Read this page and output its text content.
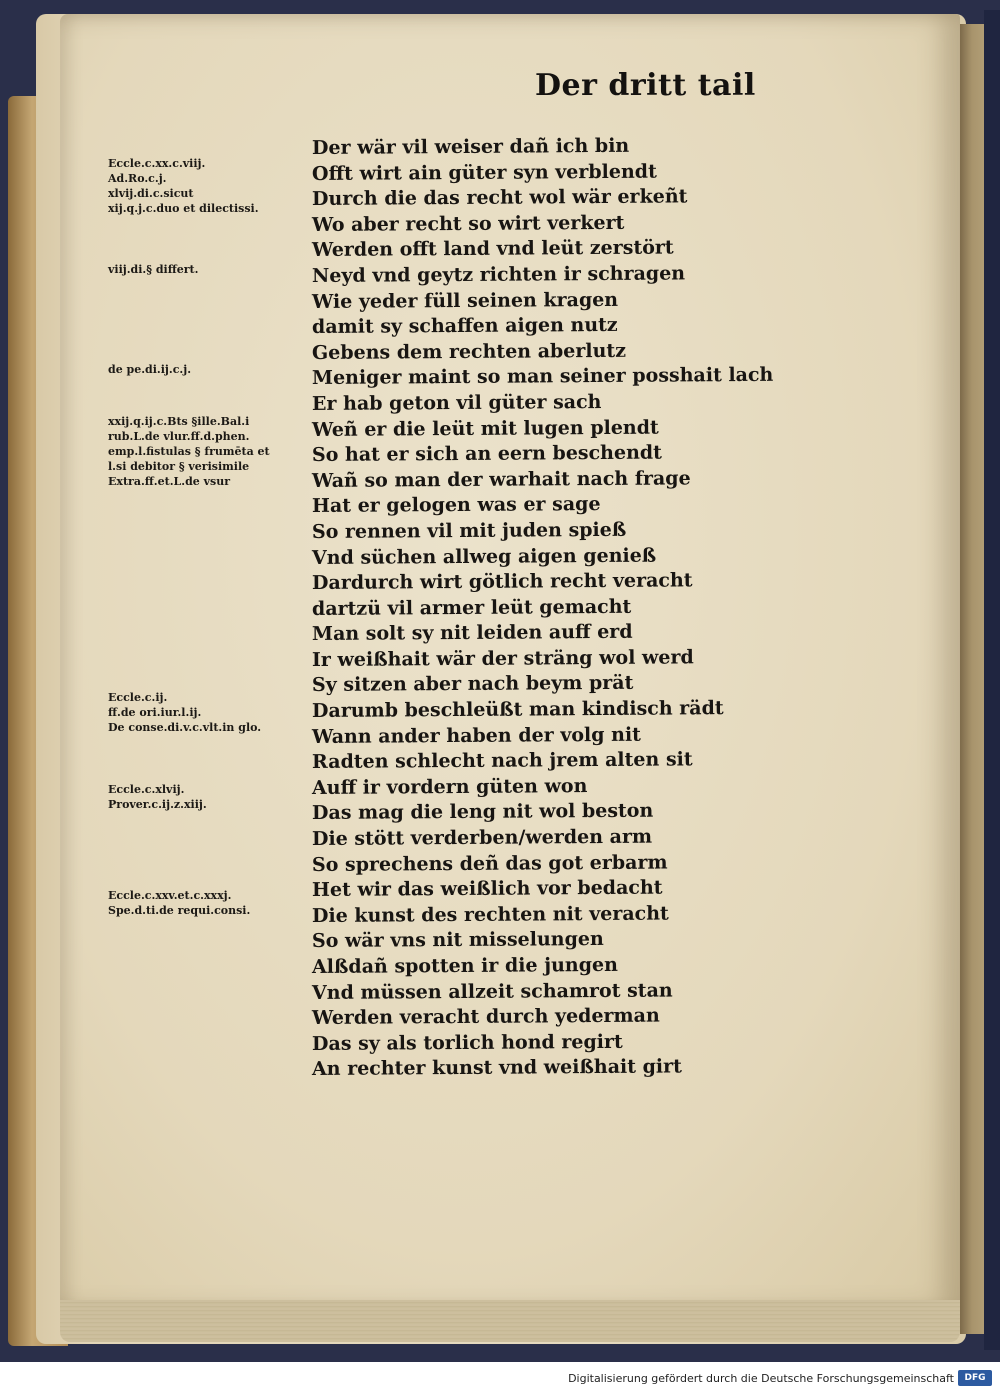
Der dritt tail
Eccle.c.xx.c.viij.
Ad.Ro.c.j.
xlvij.di.c.sicut
xij.q.j.c.duo et dilectissi.
viij.di.§ differt.
de pe.di.ij.c.j.
xxij.q.ij.c.Bts §ille.Bal.i
rub.L.de vlur.ff.d.phen.
emp.l.fistulas § frumēta et
l.si debitor § verisimile
Extra.ff.et.L.de vsur
Eccle.c.ij.
ff.de ori.iur.l.ij.
De conse.di.v.c.vlt.in glo.
Eccle.c.xlvij.
Prover.c.ij.z.xiij.
Eccle.c.xxv.et.c.xxxj.
Spe.d.ti.de requi.consi.
Der wär vil weiser dañ ich bin
Offt wirt ain güter syn verblendt
Durch die das recht wol wär erkeñt
Wo aber recht so wirt verkert
Werden offt land vnd leüt zerstört
Neyd vnd geytz richten ir schragen
Wie yeder füll seinen kragen
damit sy schaffen aigen nutz
Gebens dem rechten aberlutz
Meniger maint so man seiner posshait lach
Er hab geton vil güter sach
Weñ er die leüt mit lugen plendt
So hat er sich an eern beschendt
Wañ so man der warhait nach frage
Hat er gelogen was er sage
So rennen vil mit juden spieß
Vnd süchen allweg aigen genieß
Dardurch wirt götlich recht veracht
dartzü vil armer leüt gemacht
Man solt sy nit leiden auff erd
Ir weißhait wär der sträng wol werd
Sy sitzen aber nach beym prät
Darumb beschleüßt man kindisch rädt
Wann ander haben der volg nit
Radten schlecht nach jrem alten sit
Auff ir vordern güten won
Das mag die leng nit wol beston
Die stött verderben/werden arm
So sprechens deñ das got erbarm
Het wir das weißlich vor bedacht
Die kunst des rechten nit veracht
So wär vns nit misselungen
Alßdañ spotten ir die jungen
Vnd müssen allzeit schamrot stan
Werden veracht durch yederman
Das sy als torlich hond regirt
An rechter kunst vnd weißhait girt
Digitalisierung gefördert durch die Deutsche Forschungsgemeinschaft	DFG
